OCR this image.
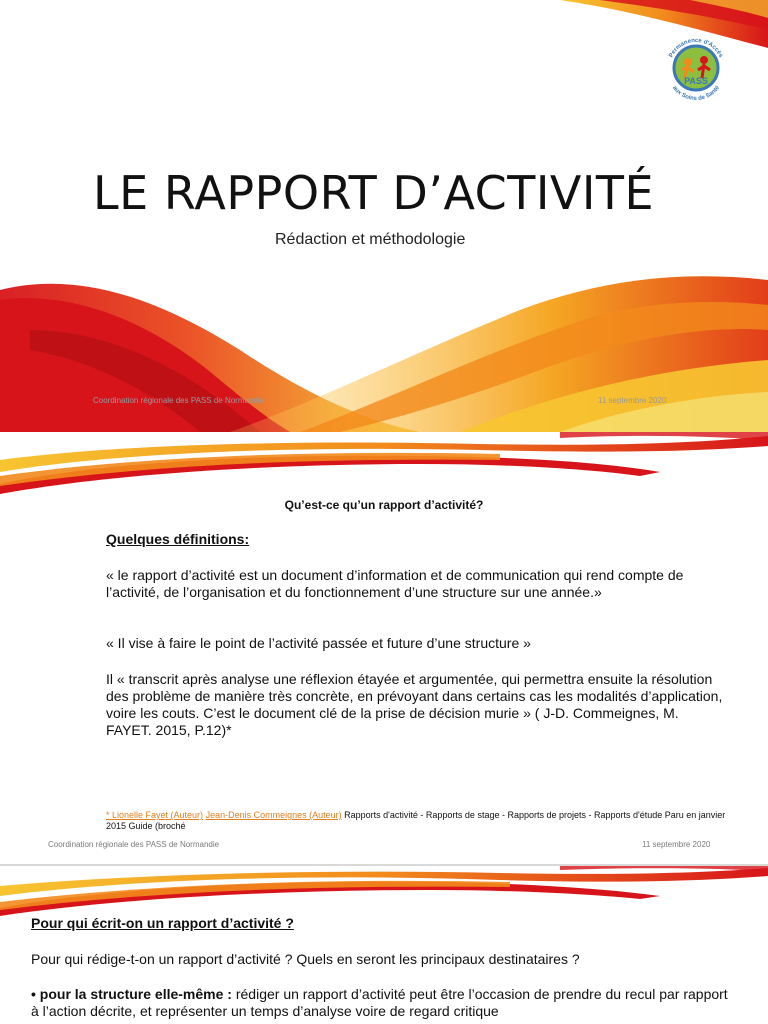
PASS
Permanence d'Accès
aux Soins de Santé
LE RAPPORT D’ACTIVITÉ
Rédaction et méthodologie
Coordination régionale des PASS de Normandie	11 septembre 2020
Qu’est-ce qu’un rapport d’activité?
Quelques définitions:
« le rapport d’activité est un document d’information et de communication qui rend compte de l’activité, de l’organisation et du fonctionnement d’une structure sur une année.»
« Il vise à faire le point de l’activité passée et future d’une structure »
Il « transcrit après analyse une réflexion étayée et argumentée, qui permettra ensuite la résolution des problème de manière très concrète, en prévoyant dans certains cas les modalités d’application, voire les couts. C’est le document clé de la prise de décision murie » ( J-D. Commeignes, M. FAYET. 2015, P.12)*
* Lionelle Fayet (Auteur) Jean-Denis Commeignes (Auteur) Rapports d'activité - Rapports de stage - Rapports de projets - Rapports d'étude Paru en janvier 2015 Guide (broché
Coordination régionale des PASS de Normandie	11 septembre 2020
Pour qui écrit-on un rapport d’activité ?
Pour qui rédige-t-on un rapport d’activité ? Quels en seront les principaux destinataires ?
• pour la structure elle-même : rédiger un rapport d’activité peut être l’occasion de prendre du recul par rapport à l’action décrite, et représenter un temps d’analyse voire de regard critique
